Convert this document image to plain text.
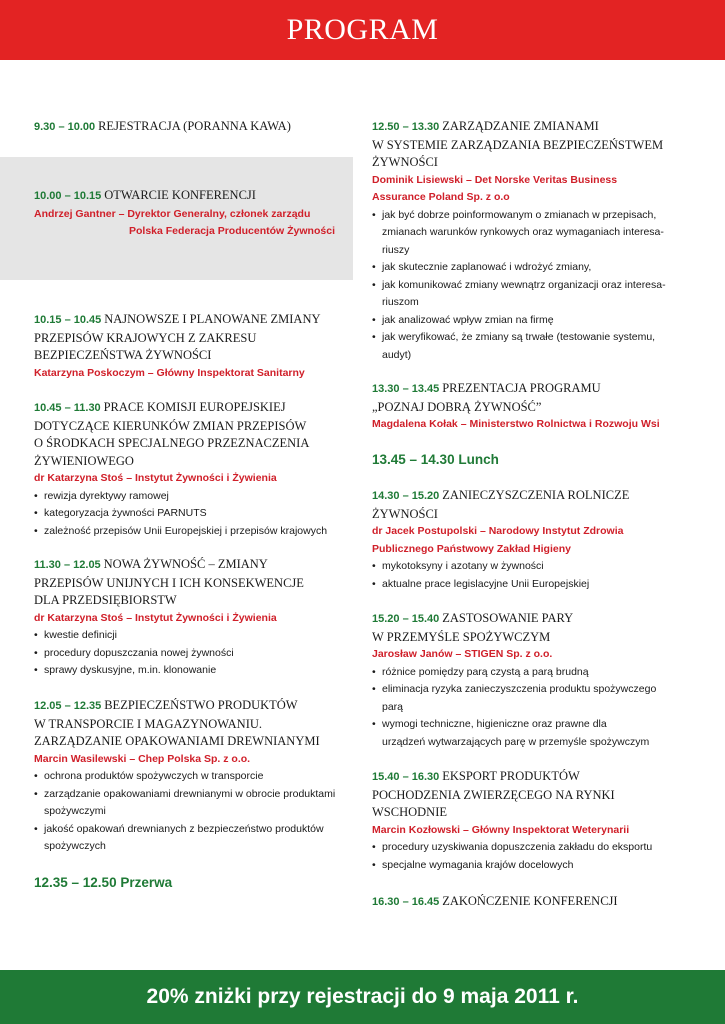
PROGRAM
9.30 – 10.00 REJESTRACJA (PORANNA KAWA)
10.00 – 10.15 OTWARCIE KONFERENCJI
Andrzej Gantner – Dyrektor Generalny, członek zarządu
Polska Federacja Producentów Żywności
10.15 – 10.45 NAJNOWSZE I PLANOWANE ZMIANY
PRZEPISÓW KRAJOWYCH Z ZAKRESU
BEZPIECZEŃSTWA ŻYWNOŚCI
Katarzyna Poskoczym – Główny Inspektorat Sanitarny
10.45 – 11.30 PRACE KOMISJI EUROPEJSKIEJ
DOTYCZĄCE KIERUNKÓW ZMIAN PRZEPISÓW
O ŚRODKACH SPECJALNEGO PRZEZNACZENIA
ŻYWIENIOWEGO
dr Katarzyna Stoś – Instytut Żywności i Żywienia
• rewizja dyrektywy ramowej
• kategoryzacja żywności PARNUTS
• zależność przepisów Unii Europejskiej i przepisów krajowych
11.30 – 12.05 NOWA ŻYWNOŚĆ – ZMIANY
PRZEPISÓW UNIJNYCH I ICH KONSEKWENCJE
DLA PRZEDSIĘBIORSTW
dr Katarzyna Stoś – Instytut Żywności i Żywienia
• kwestie definicji
• procedury dopuszczania nowej żywności
• sprawy dyskusyjne, m.in. klonowanie
12.05 – 12.35 BEZPIECZEŃSTWO PRODUKTÓW
W TRANSPORCIE I MAGAZYNOWANIU.
ZARZĄDZANIE OPAKOWANIAMI DREWNIANYMI
Marcin Wasilewski – Chep Polska Sp. z o.o.
• ochrona produktów spożywczych w transporcie
• zarządzanie opakowaniami drewnianymi w obrocie produktami
spożywczymi
• jakość opakowań drewnianych z bezpieczeństwo produktów
spożywczych
12.35 – 12.50 Przerwa
12.50 – 13.30 ZARZĄDZANIE ZMIANAMI
W SYSTEMIE ZARZĄDZANIA BEZPIECZEŃSTWEM
ŻYWNOŚCI
Dominik Lisiewski – Det Norske Veritas Business
Assurance Poland Sp. z o.o
• jak być dobrze poinformowanym o zmianach w przepisach,
zmianach warunków rynkowych oraz wymaganiach interesa-
riuszy
• jak skutecznie zaplanować i wdrożyć zmiany,
• jak komunikować zmiany wewnątrz organizacji oraz interesa-
riuszom
• jak analizować wpływ zmian na firmę
• jak weryfikować, że zmiany są trwałe (testowanie systemu,
audyt)
13.30 – 13.45 PREZENTACJA PROGRAMU
„POZNAJ DOBRĄ ŻYWNOŚĆ”
Magdalena Kołak – Ministerstwo Rolnictwa i Rozwoju Wsi
13.45 – 14.30 Lunch
14.30 – 15.20 ZANIECZYSZCZENIA ROLNICZE
ŻYWNOŚCI
dr Jacek Postupolski – Narodowy Instytut Zdrowia
Publicznego Państwowy Zakład Higieny
• mykotoksyny i azotany w żywności
• aktualne prace legislacyjne Unii Europejskiej
15.20 – 15.40 ZASTOSOWANIE PARY
W PRZEMYŚLE SPOŻYWCZYM
Jarosław Janów – STIGEN Sp. z o.o.
• różnice pomiędzy parą czystą a parą brudną
• eliminacja ryzyka zanieczyszczenia produktu spożywczego
parą
• wymogi techniczne, higieniczne oraz prawne dla
urządzeń wytwarzających parę w przemyśle spożywczym
15.40 – 16.30 EKSPORT PRODUKTÓW
POCHODZENIA ZWIERZĘCEGO NA RYNKI
WSCHODNIE
Marcin Kozłowski – Główny Inspektorat Weterynarii
• procedury uzyskiwania dopuszczenia zakładu do eksportu
• specjalne wymagania krajów docelowych
16.30 – 16.45 ZAKOŃCZENIE KONFERENCJI
20% zniżki przy rejestracji do 9 maja 2011 r.
